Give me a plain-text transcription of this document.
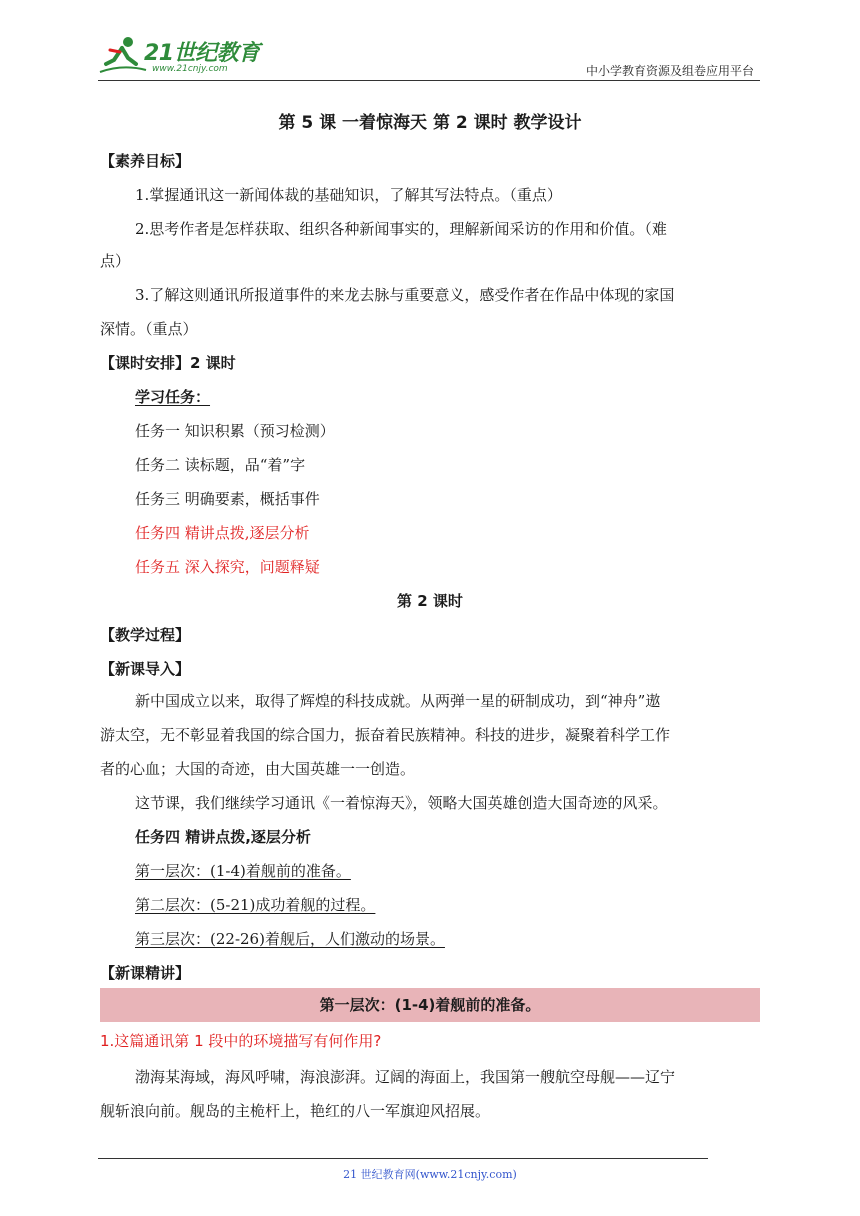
21世纪教育
www.21cnjy.com	中小学教育资源及组卷应用平台
第 5 课 一着惊海天 第 2 课时 教学设计
【素养目标】
1.掌握通讯这一新闻体裁的基础知识，了解其写法特点。（重点）
2.思考作者是怎样获取、组织各种新闻事实的，理解新闻采访的作用和价值。（难
点）
3.了解这则通讯所报道事件的来龙去脉与重要意义，感受作者在作品中体现的家国
深情。（重点）
【课时安排】2 课时
学习任务：
任务一 知识积累（预习检测）
任务二 读标题，品“着”字
任务三 明确要素，概括事件
任务四 精讲点拨,逐层分析
任务五 深入探究，问题释疑
第 2 课时
【教学过程】
【新课导入】
新中国成立以来，取得了辉煌的科技成就。从两弹一星的研制成功，到“神舟”遨
游太空，无不彰显着我国的综合国力，振奋着民族精神。科技的进步，凝聚着科学工作
者的心血；大国的奇迹，由大国英雄一一创造。
这节课，我们继续学习通讯《一着惊海天》，领略大国英雄创造大国奇迹的风采。
任务四 精讲点拨,逐层分析
第一层次：(1-4)着舰前的准备。
第二层次：(5-21)成功着舰的过程。
第三层次：(22-26)着舰后，人们激动的场景。
【新课精讲】
第一层次：(1-4)着舰前的准备。
1.这篇通讯第 1 段中的环境描写有何作用?
渤海某海域，海风呼啸，海浪澎湃。辽阔的海面上，我国第一艘航空母舰——辽宁
舰斩浪向前。舰岛的主桅杆上，艳红的八一军旗迎风招展。
21 世纪教育网(www.21cnjy.com)
